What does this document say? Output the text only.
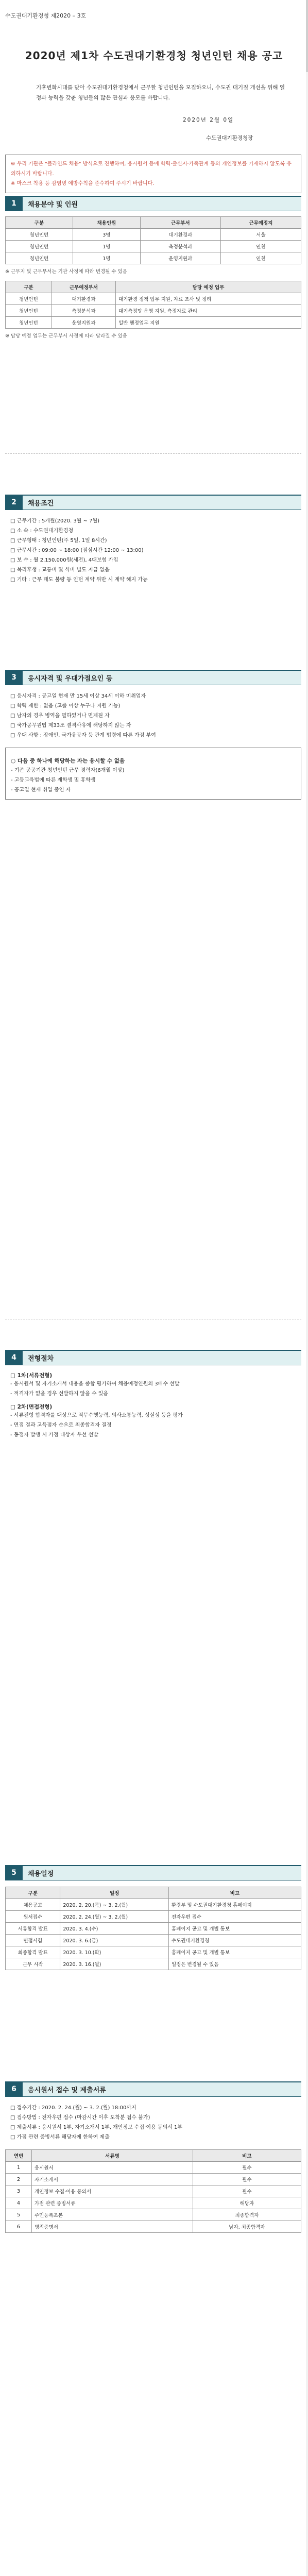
수도권대기환경청 제2020 – 3호
2020년 제1차 수도권대기환경청 청년인턴 채용 공고
기후변화시대를 맞아 수도권대기환경청에서 근무할 청년인턴을 모집하오니, 수도권 대기질 개선을 위해 열정과 능력을 갖춘 청년들의 많은 관심과 응모를 바랍니다.
2020년 2월 0일
수도권대기환경청장
※ 우리 기관은 "블라인드 채용" 방식으로 진행하며, 응시원서 등에 학력·출신지·가족관계 등의 개인정보를 기재하지 않도록 유의하시기 바랍니다.
※ 마스크 착용 등 감염병 예방수칙을 준수하여 주시기 바랍니다.
1	채용분야 및 인원
구분	채용인원	근무부서	근무예정지
청년인턴	3명	대기환경과	서울
청년인턴	1명	측정분석과	인천
청년인턴	1명	운영지원과	인천
※ 근무지 및 근무부서는 기관 사정에 따라 변경될 수 있음
구분	근무예정부서	담당 예정 업무
청년인턴	대기환경과	대기환경 정책 업무 지원, 자료 조사 및 정리
청년인턴	측정분석과	대기측정망 운영 지원, 측정자료 관리
청년인턴	운영지원과	일반 행정업무 지원
※ 담당 예정 업무는 근무부서 사정에 따라 달라질 수 있음
2	채용조건
□ 근무기간 : 5개월(2020. 3월 ~ 7월)
□ 소 속 : 수도권대기환경청
□ 근무형태 : 청년인턴(주 5일, 1일 8시간)
□ 근무시간 : 09:00 ~ 18:00 (점심시간 12:00 ~ 13:00)
□ 보 수 : 월 2,150,000원(세전), 4대보험 가입
□ 복리후생 : 교통비 및 식비 별도 지급 없음
□ 기타 : 근무 태도 불량 등 인턴 계약 위반 시 계약 해지 가능
3	응시자격 및 우대가점요인 등
□ 응시자격 : 공고일 현재 만 15세 이상 34세 이하 미취업자
□ 학력 제한 : 없음 (고졸 이상 누구나 지원 가능)
□ 남자의 경우 병역을 필하였거나 면제된 자
□ 국가공무원법 제33조 결격사유에 해당하지 않는 자
□ 우대 사항 : 장애인, 국가유공자 등 관계 법령에 따른 가점 부여
○ 다음 중 하나에 해당하는 자는 응시할 수 없음
- 기존 공공기관 청년인턴 근무 경력자(6개월 이상)
- 고등교육법에 따른 재학생 및 휴학생
- 공고일 현재 취업 중인 자
4	전형절차
□ 1차(서류전형)
- 응시원서 및 자기소개서 내용을 종합 평가하여 채용예정인원의 3배수 선발
- 적격자가 없을 경우 선발하지 않을 수 있음
□ 2차(면접전형)
- 서류전형 합격자를 대상으로 직무수행능력, 의사소통능력, 성실성 등을 평가
- 면접 결과 고득점자 순으로 최종합격자 결정
- 동점자 발생 시 가점 대상자 우선 선발
5	채용일정
구분	일정	비고
채용공고	2020. 2. 20.(목) ~ 3. 2.(월)	환경부 및 수도권대기환경청 홈페이지
원서접수	2020. 2. 24.(월) ~ 3. 2.(월)	전자우편 접수
서류합격 발표	2020. 3. 4.(수)	홈페이지 공고 및 개별 통보
면접시험	2020. 3. 6.(금)	수도권대기환경청
최종합격 발표	2020. 3. 10.(화)	홈페이지 공고 및 개별 통보
근무 시작	2020. 3. 16.(월)	일정은 변경될 수 있음
6	응시원서 접수 및 제출서류
□ 접수기간 : 2020. 2. 24.(월) ~ 3. 2.(월) 18:00까지
□ 접수방법 : 전자우편 접수 (마감시간 이후 도착분 접수 불가)
□ 제출서류 : 응시원서 1부, 자기소개서 1부, 개인정보 수집·이용 동의서 1부
□ 가점 관련 증빙서류 해당자에 한하여 제출
연번	서류명	비고
1	응시원서	필수
2	자기소개서	필수
3	개인정보 수집·이용 동의서	필수
4	가점 관련 증빙서류	해당자
5	주민등록초본	최종합격자
6	병적증명서	남자, 최종합격자
